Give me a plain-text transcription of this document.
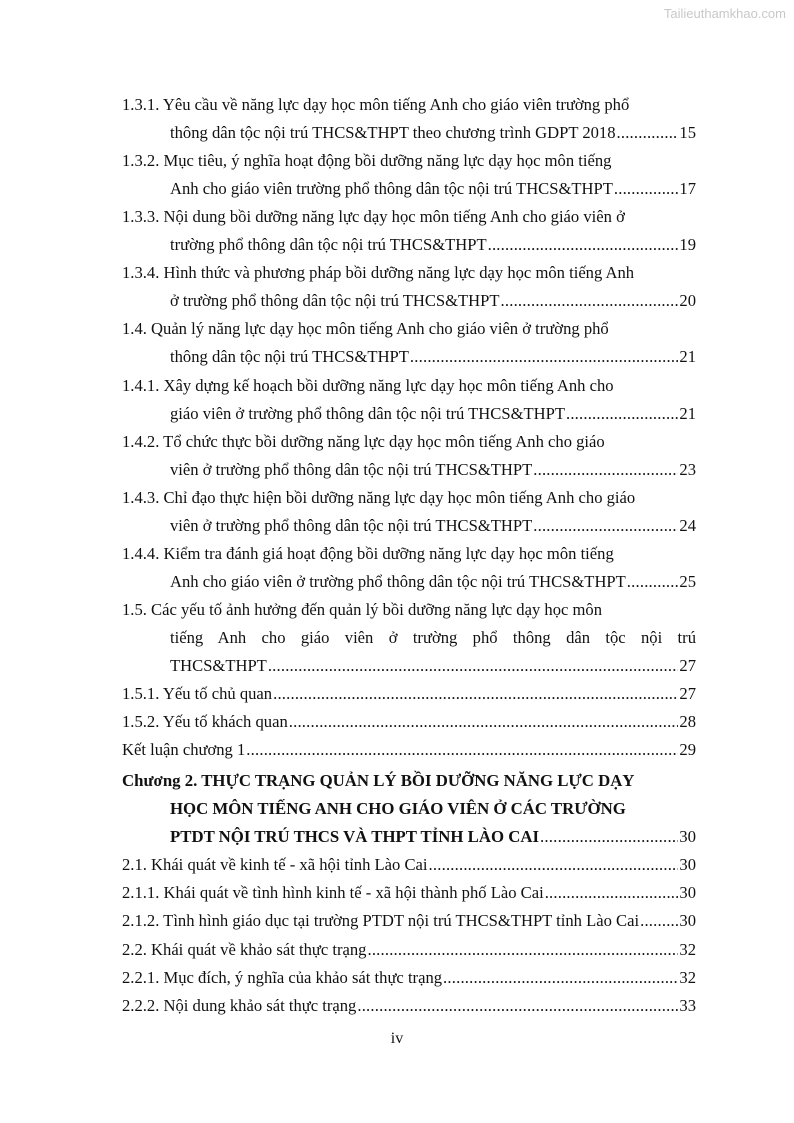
Tailieuthamkhao.com
1.3.1. Yêu cầu về năng lực dạy học môn tiếng Anh cho giáo viên trường phổ
thông dân tộc nội trú THCS&THPT theo chương trình GDPT 2018 .....	15
1.3.2. Mục tiêu, ý nghĩa hoạt động bồi dưỡng năng lực dạy học môn tiếng
Anh cho giáo viên trường phổ thông dân tộc nội trú THCS&THPT .....	17
1.3.3. Nội dung bồi dưỡng năng lực dạy học môn tiếng Anh cho giáo viên ở
trường phổ thông dân tộc nội trú THCS&THPT .....	19
1.3.4. Hình thức và phương pháp bồi dưỡng năng lực dạy học môn tiếng Anh
ở trường phổ thông dân tộc nội trú THCS&THPT .....	20
1.4. Quản lý năng lực dạy học môn tiếng Anh cho giáo viên ở trường phổ
thông dân tộc nội trú THCS&THPT .....	21
1.4.1. Xây dựng kế hoạch bồi dưỡng năng lực dạy học môn tiếng Anh cho
giáo viên ở trường phổ thông dân tộc nội trú THCS&THPT .....	21
1.4.2. Tổ chức thực bồi dưỡng năng lực dạy học môn tiếng Anh cho giáo
viên ở trường phổ thông dân tộc nội trú THCS&THPT .....	23
1.4.3. Chỉ đạo thực hiện bồi dưỡng năng lực dạy học môn tiếng Anh cho giáo
viên ở trường phổ thông dân tộc nội trú THCS&THPT .....	24
1.4.4. Kiểm tra đánh giá hoạt động bồi dưỡng năng lực dạy học môn tiếng
Anh cho giáo viên ở trường phổ thông dân tộc nội trú THCS&THPT .....	25
1.5. Các yếu tố ảnh hưởng đến quản lý bồi dưỡng năng lực dạy học môn
tiếng Anh cho giáo viên ở trường phổ thông dân tộc nội trú
THCS&THPT .....	27
1.5.1. Yếu tố chủ quan .....	27
1.5.2. Yếu tố khách quan .....	28
Kết luận chương 1 .....	29
Chương 2. THỰC TRẠNG QUẢN LÝ BỒI DƯỠNG NĂNG LỰC DẠY
HỌC MÔN TIẾNG ANH CHO GIÁO VIÊN Ở CÁC TRƯỜNG
PTDT NỘI TRÚ THCS VÀ THPT TỈNH LÀO CAI .....	30
2.1. Khái quát về kinh tế - xã hội tỉnh Lào Cai .....	30
2.1.1. Khái quát về tình hình kinh tế - xã hội thành phố Lào Cai .....	30
2.1.2. Tình hình giáo dục tại trường PTDT nội trú THCS&THPT tỉnh Lào Cai ..... 30
2.2. Khái quát về khảo sát thực trạng .....	32
2.2.1. Mục đích, ý nghĩa của khảo sát thực trạng .....	32
2.2.2. Nội dung khảo sát thực trạng .....	33
iv
